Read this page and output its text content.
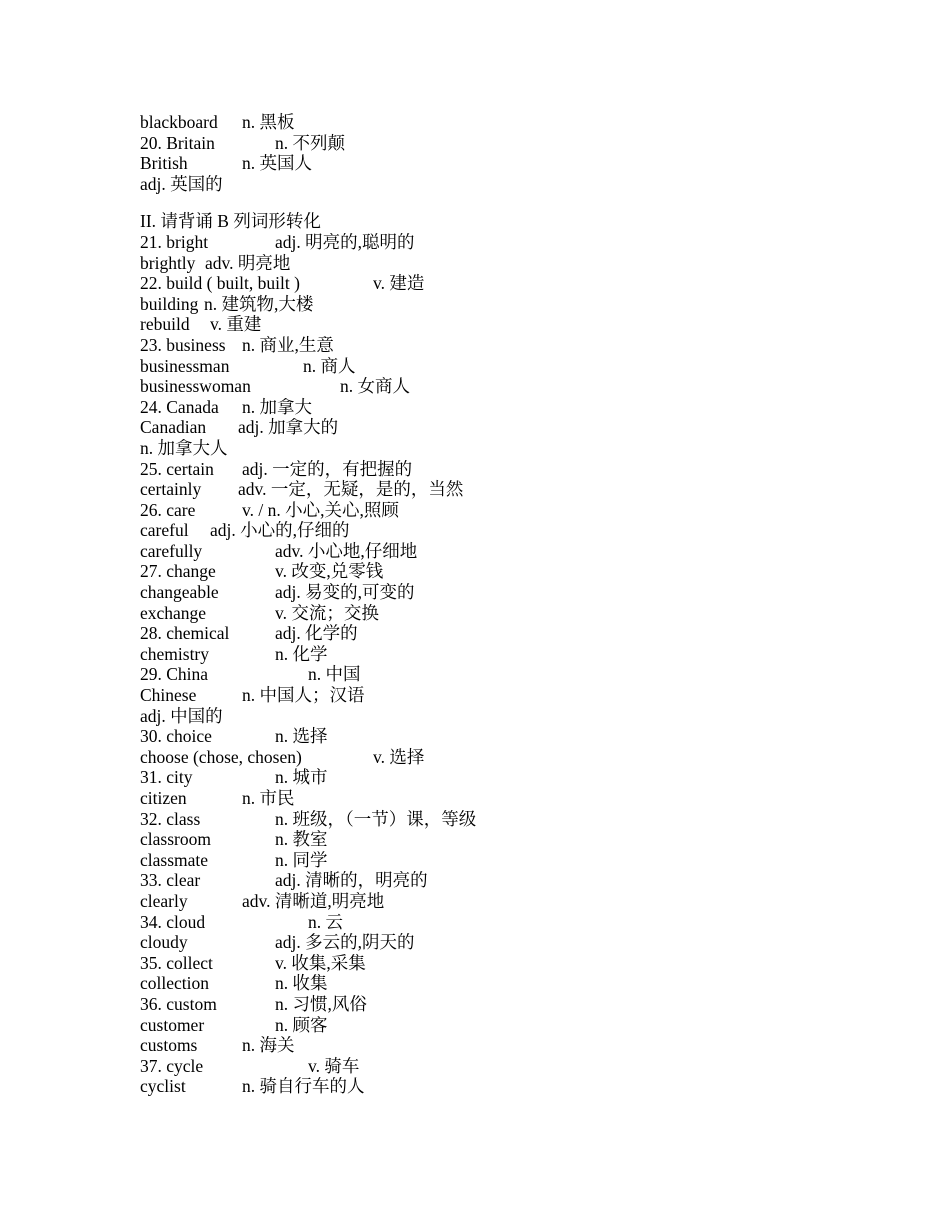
blackboard n. 黑板
20. Britain	n. 不列颠
British	n. 英国人
adj. 英国的
II. 请背诵 B 列词形转化
21. bright	adj. 明亮的,聪明的
brightly adv. 明亮地
22. build ( built, built )	v. 建造
building n. 建筑物,大楼
rebuild v. 重建
23. business n. 商业,生意
businessman	n. 商人
businesswoman	n. 女商人
24. Canada n. 加拿大
Canadian adj. 加拿大的
n. 加拿大人
25. certain adj. 一定的，有把握的
certainly adv. 一定，无疑，是的，当然
26. care	v. / n. 小心,关心,照顾
careful adj. 小心的,仔细的
carefully	adv. 小心地,仔细地
27. change	v. 改变,兑零钱
changeable	adj. 易变的,可变的
exchange	v. 交流；交换
28. chemical	adj. 化学的
chemistry	n. 化学
29. China	n. 中国
Chinese	n. 中国人；汉语
adj. 中国的
30. choice	n. 选择
choose (chose, chosen)	v. 选择
31. city	n. 城市
citizen	n. 市民
32. class	n. 班级，（一节）课，等级
classroom	n. 教室
classmate	n. 同学
33. clear	adj. 清晰的，明亮的
clearly	adv. 清晰道,明亮地
34. cloud	n. 云
cloudy	adj. 多云的,阴天的
35. collect	v. 收集,采集
collection	n. 收集
36. custom	n. 习惯,风俗
customer	n. 顾客
customs	n. 海关
37. cycle	v. 骑车
cyclist	n. 骑自行车的人
